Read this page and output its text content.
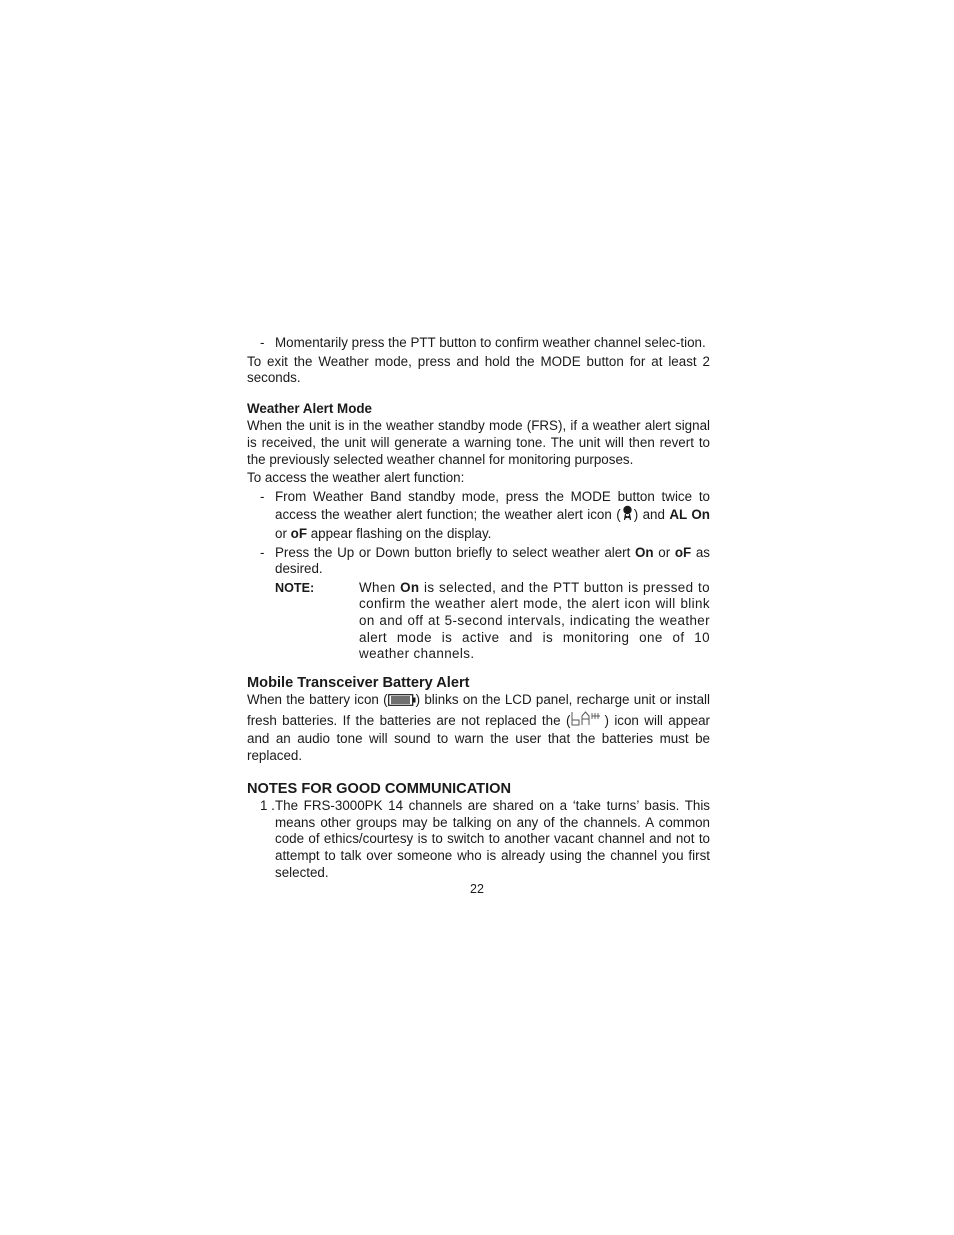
- Momentarily press the PTT button to confirm weather channel selec-tion.

To exit the Weather mode, press and hold the MODE button for at least 2 seconds.

Weather Alert Mode

When the unit is in the weather standby mode (FRS), if a weather alert signal is received, the unit will generate a warning tone. The unit will then revert to the previously selected weather channel for monitoring purposes.

To access the weather alert function:

- From Weather Band standby mode, press the MODE button twice to access the weather alert function; the weather alert icon ( ) and AL On or oF appear flashing on the display.
- Press the Up or Down button briefly to select weather alert On or oF as desired.
NOTE:	When On is selected, and the PTT button is pressed to confirm the weather alert mode, the alert icon will blink on and off at 5-second intervals, indicating the weather alert mode is active and is monitoring one of 10 weather channels.

Mobile Transceiver Battery Alert

When the battery icon ( ) blinks on the LCD panel, recharge unit or install fresh batteries. If the batteries are not replaced the (	) icon will appear and an audio tone will sound to warn the user that the batteries must be replaced.

NOTES FOR GOOD COMMUNICATION

1 . The FRS-3000PK 14 channels are shared on a ‘take turns’ basis. This means other groups may be talking on any of the channels. A common code of ethics/courtesy is to switch to another vacant channel and not to attempt to talk over someone who is already using the channel you first selected.
22
